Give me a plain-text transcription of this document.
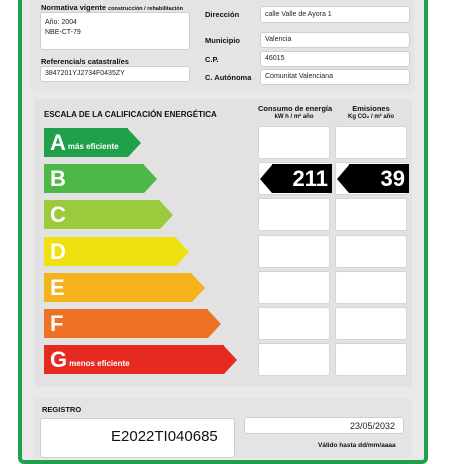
Normativa vigente construcción / rehabilitación
Año: 2004
NBE-CT-79
Referencia/s catastral/es
3847201YJ2734F0435ZY
Dirección	calle Valle de Ayora 1
Municipio	Valencia
C.P.	46015
C. Autónoma	Comunitat Valenciana
ESCALA DE LA CALIFICACIÓN ENERGÉTICA
Consumo de energía
kW h / m² año
Emisiones
Kg CO₂ / m² año
A más eficiente
B	211	39
C
D
E
F
G menos eficiente
REGISTRO
E2022TI040685
23/05/2032
Válido hasta dd/mm/aaaa
